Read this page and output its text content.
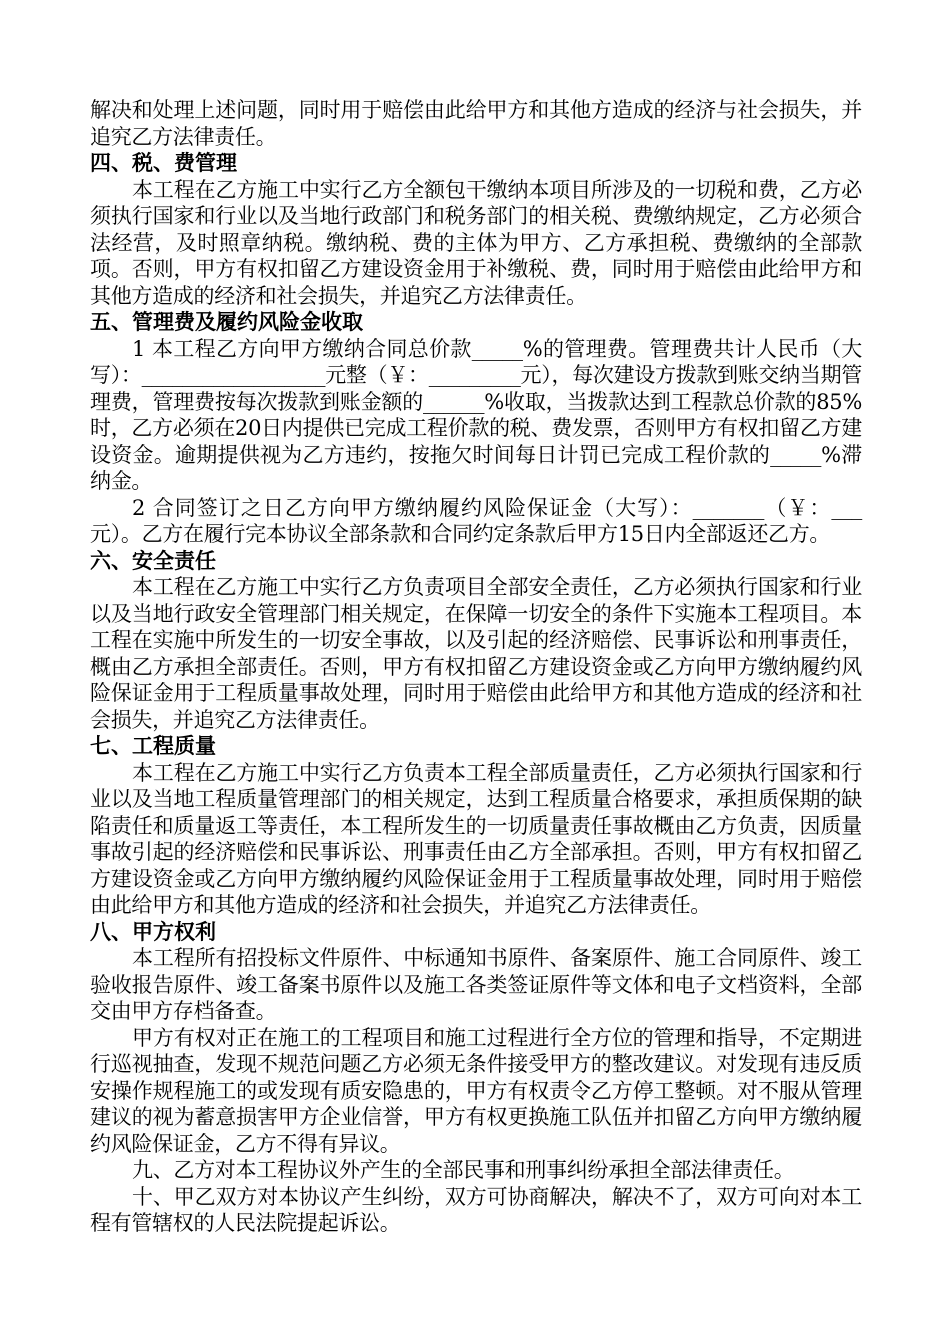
解决和处理上述问题，同时用于赔偿由此给甲方和其他方造成的经济与社会损失，并追究乙方法律责任。

四、税、费管理

本工程在乙方施工中实行乙方全额包干缴纳本项目所涉及的一切税和费，乙方必须执行国家和行业以及当地行政部门和税务部门的相关税、费缴纳规定，乙方必须合法经营，及时照章纳税。缴纳税、费的主体为甲方、乙方承担税、费缴纳的全部款项。否则，甲方有权扣留乙方建设资金用于补缴税、费，同时用于赔偿由此给甲方和其他方造成的经济和社会损失，并追究乙方法律责任。

五、管理费及履约风险金收取

1 本工程乙方向甲方缴纳合同总价款_____%的管理费。管理费共计人民币（大写）：__________________元整（￥：_________元），每次建设方拨款到账交纳当期管理费，管理费按每次拨款到账金额的______%收取，当拨款达到工程款总价款的85%时，乙方必须在20日内提供已完成工程价款的税、费发票，否则甲方有权扣留乙方建设资金。逾期提供视为乙方违约，按拖欠时间每日计罚已完成工程价款的_____%滞纳金。

2 合同签订之日乙方向甲方缴纳履约风险保证金（大写）：_______（￥：___元）。乙方在履行完本协议全部条款和合同约定条款后甲方15日内全部返还乙方。

六、安全责任

本工程在乙方施工中实行乙方负责项目全部安全责任，乙方必须执行国家和行业以及当地行政安全管理部门相关规定，在保障一切安全的条件下实施本工程项目。本工程在实施中所发生的一切安全事故，以及引起的经济赔偿、民事诉讼和刑事责任，概由乙方承担全部责任。否则，甲方有权扣留乙方建设资金或乙方向甲方缴纳履约风险保证金用于工程质量事故处理，同时用于赔偿由此给甲方和其他方造成的经济和社会损失，并追究乙方法律责任。

七、工程质量

本工程在乙方施工中实行乙方负责本工程全部质量责任，乙方必须执行国家和行业以及当地工程质量管理部门的相关规定，达到工程质量合格要求，承担质保期的缺陷责任和质量返工等责任，本工程所发生的一切质量责任事故概由乙方负责，因质量事故引起的经济赔偿和民事诉讼、刑事责任由乙方全部承担。否则，甲方有权扣留乙方建设资金或乙方向甲方缴纳履约风险保证金用于工程质量事故处理，同时用于赔偿由此给甲方和其他方造成的经济和社会损失，并追究乙方法律责任。

八、甲方权利

本工程所有招投标文件原件、中标通知书原件、备案原件、施工合同原件、竣工验收报告原件、竣工备案书原件以及施工各类签证原件等文体和电子文档资料，全部交由甲方存档备查。

甲方有权对正在施工的工程项目和施工过程进行全方位的管理和指导，不定期进行巡视抽查，发现不规范问题乙方必须无条件接受甲方的整改建议。对发现有违反质安操作规程施工的或发现有质安隐患的，甲方有权责令乙方停工整顿。对不服从管理建议的视为蓄意损害甲方企业信誉，甲方有权更换施工队伍并扣留乙方向甲方缴纳履约风险保证金，乙方不得有异议。

九、乙方对本工程协议外产生的全部民事和刑事纠纷承担全部法律责任。

十、甲乙双方对本协议产生纠纷，双方可协商解决，解决不了，双方可向对本工程有管辖权的人民法院提起诉讼。
